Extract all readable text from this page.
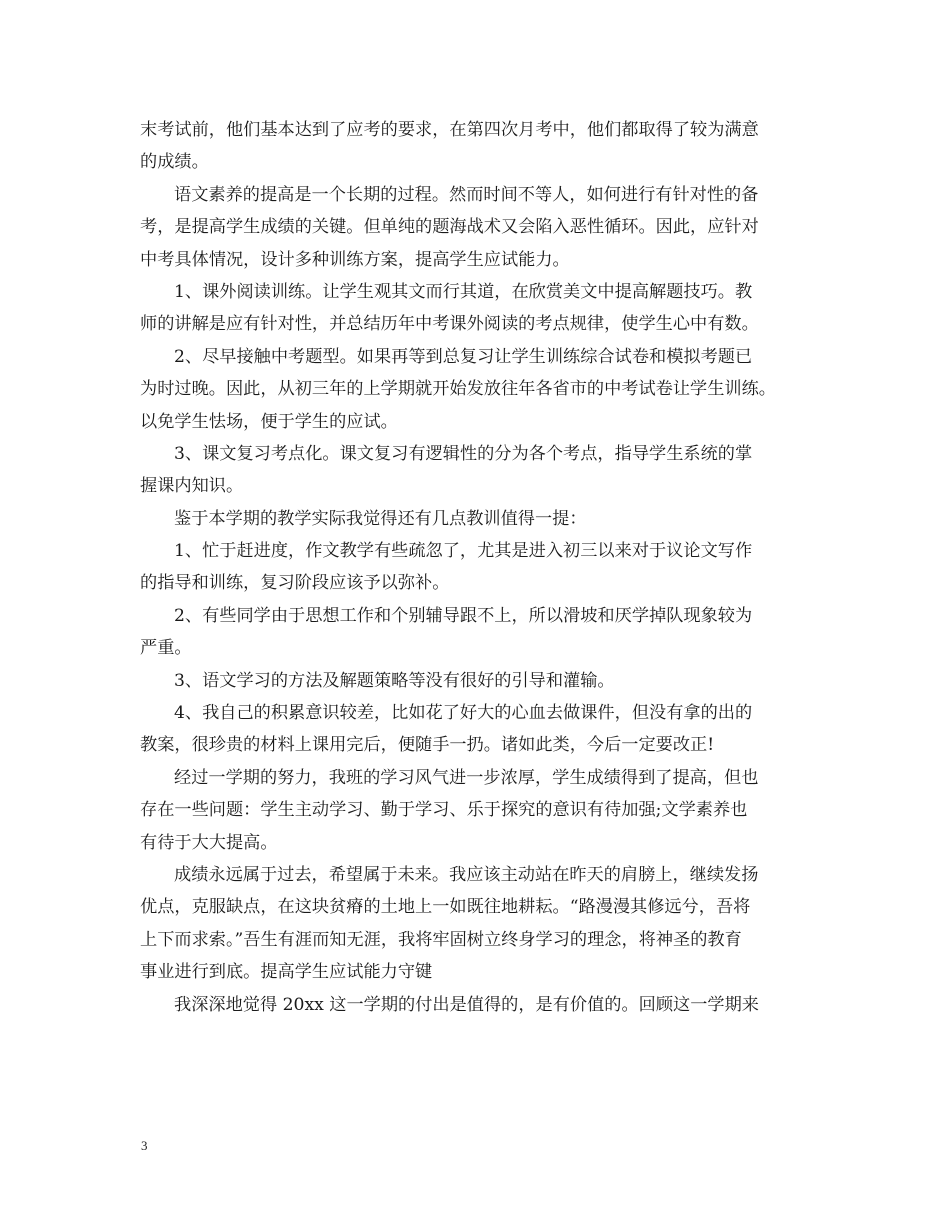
末考试前，他们基本达到了应考的要求，在第四次月考中，他们都取得了较为满意
的成绩。
语文素养的提高是一个长期的过程。然而时间不等人，如何进行有针对性的备
考，是提高学生成绩的关键。但单纯的题海战术又会陷入恶性循环。因此，应针对
中考具体情况，设计多种训练方案，提高学生应试能力。
1、课外阅读训练。让学生观其文而行其道，在欣赏美文中提高解题技巧。教
师的讲解是应有针对性，并总结历年中考课外阅读的考点规律，使学生心中有数。
2、尽早接触中考题型。如果再等到总复习让学生训练综合试卷和模拟考题已
为时过晚。因此，从初三年的上学期就开始发放往年各省市的中考试卷让学生训练。
以免学生怯场，便于学生的应试。
3、课文复习考点化。课文复习有逻辑性的分为各个考点，指导学生系统的掌
握课内知识。
鉴于本学期的教学实际我觉得还有几点教训值得一提：
1、忙于赶进度，作文教学有些疏忽了，尤其是进入初三以来对于议论文写作
的指导和训练，复习阶段应该予以弥补。
2、有些同学由于思想工作和个别辅导跟不上，所以滑坡和厌学掉队现象较为
严重。
3、语文学习的方法及解题策略等没有很好的引导和灌输。
4、我自己的积累意识较差，比如花了好大的心血去做课件，但没有拿的出的
教案，很珍贵的材料上课用完后，便随手一扔。诸如此类，今后一定要改正!
经过一学期的努力，我班的学习风气进一步浓厚，学生成绩得到了提高，但也
存在一些问题：学生主动学习、勤于学习、乐于探究的意识有待加强;文学素养也
有待于大大提高。
成绩永远属于过去，希望属于未来。我应该主动站在昨天的肩膀上，继续发扬
优点，克服缺点，在这块贫瘠的土地上一如既往地耕耘。“路漫漫其修远兮，吾将
上下而求索。”吾生有涯而知无涯，我将牢固树立终身学习的理念，将神圣的教育
事业进行到底。提高学生应试能力守键
我深深地觉得 20xx 这一学期的付出是值得的，是有价值的。回顾这一学期来
3
